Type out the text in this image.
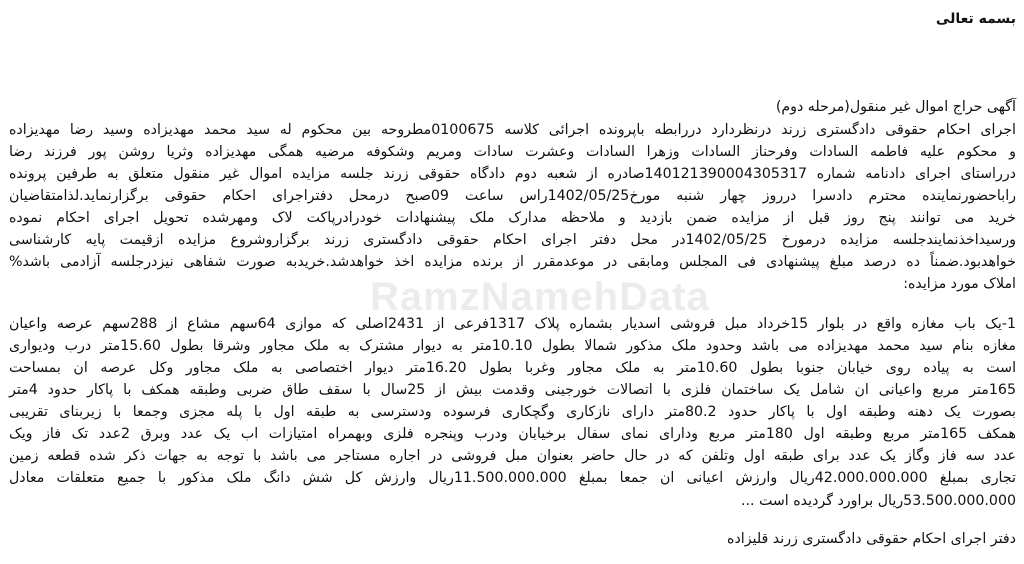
بسمه تعالی
آگهی حراج اموال غیر منقول(مرحله دوم)
اجرای احکام حقوقی دادگستری زرند درنظردارد دررابطه باپرونده اجرائی کلاسه 0100675مطروحه بین محکوم له سید محمد مهدیزاده وسید رضا مهدیزاده
و محکوم علیه فاطمه السادات وفرحناز السادات وزهرا السادات وعشرت سادات ومریم وشکوفه مرضیه همگی مهدیزاده وثریا روشن پور فرزند رضا
درراستای اجرای دادنامه شماره 140121390004305317صادره از شعبه دوم دادگاه حقوقی زرند جلسه مزایده اموال غیر منقول متعلق به طرفین پرونده
راباحضورنماینده محترم دادسرا درروز چهار شنبه مورخ1402/05/25راس ساعت 09صبح درمحل دفتراجرای احکام حقوقی برگزارنماید.لذامتقاضیان
خرید می توانند پنج روز قبل از مزایده ضمن بازدید و ملاحظه مدارک ملک پیشنهادات خودرادرپاکت لاک ومهرشده تحویل اجرای احکام نموده
ورسیداخذنمایندجلسه مزایده درمورخ 1402/05/25در محل دفتر اجرای احکام حقوقی دادگستری زرند برگزاروشروع مزایده ازقیمت پایه کارشناسی
خواهدبود.ضمناً ده درصد مبلغ پیشنهادی فی المجلس ومابقی در موعدمقرر از برنده مزایده اخذ خواهدشد.خریدبه صورت شفاهی نیزدرجلسه آزادمی باشد%
املاک مورد مزایده:
1-یک باب مغازه واقع در بلوار 15خرداد مبل فروشی اسدیار بشماره پلاک 1317فرعی از 2431اصلی که موازی 64سهم مشاع از 288سهم عرصه واعیان
مغازه بنام سید محمد مهدیزاده می باشد وحدود ملک مذکور شمالا بطول 10.10متر به دیوار مشترک به ملک مجاور وشرقا بطول 15.60متر درب ودیواری
است به پیاده روی خیابان جنوبا بطول 10.60متر به ملک مجاور وغربا بطول 16.20متر دیوار اختصاصی به ملک مجاور وکل عرصه ان بمساحت
165متر مربع واعیانی ان شامل یک ساختمان فلزی با اتصالات خورجینی وقدمت بیش از 25سال با سقف طاق ضربی وطبقه همکف با پاکار حدود 4متر
بصورت یک دهنه وطبقه اول با پاکار حدود 80.2متر دارای نازکاری وگچکاری فرسوده ودسترسی به طبقه اول با پله مجزی وجمعا با زیربنای تقریبی
همکف 165متر مربع وطبقه اول 180متر مربع ودارای نمای سفال برخیابان ودرب وپنجره فلزی وبهمراه امتیازات اب یک عدد وبرق 2عدد تک فاز ویک
عدد سه فاز وگاز یک عدد برای طبقه اول وتلفن که در حال حاضر بعنوان مبل فروشی در اجاره مستاجر می باشد با توجه به جهات ذکر شده قطعه زمین
تجاری بمبلغ 42.000.000.000ریال وارزش اعیانی ان جمعا بمبلغ 11.500.000.000ریال وارزش کل شش دانگ ملک مذکور با جمیع متعلقات معادل
53.500.000.000ریال براورد گردیده است ...
دفتر اجرای احکام حقوقی دادگستری زرند قلیزاده
RamzNamehData
